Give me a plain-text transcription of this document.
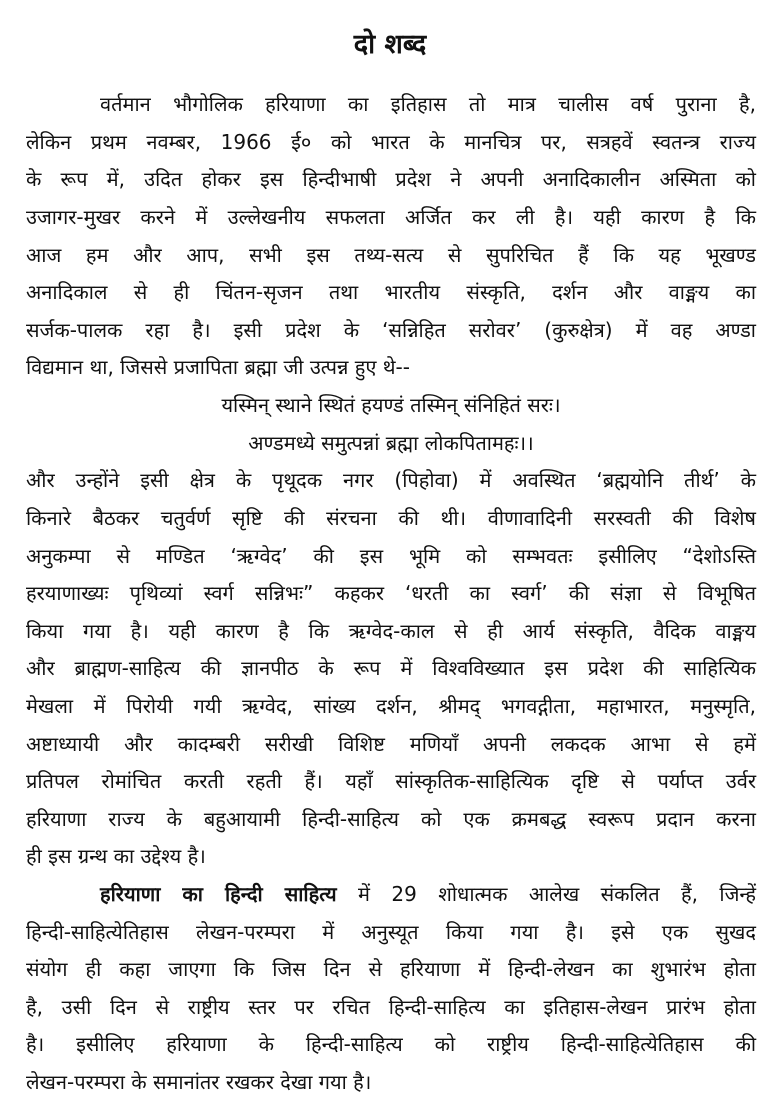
दो शब्द
वर्तमान भौगोलिक हरियाणा का इतिहास तो मात्र चालीस वर्ष पुराना है,
लेकिन प्रथम नवम्बर, 1966 ई० को भारत के मानचित्र पर, सत्रहवें स्वतन्त्र राज्य
के रूप में, उदित होकर इस हिन्दीभाषी प्रदेश ने अपनी अनादिकालीन अस्मिता को
उजागर-मुखर करने में उल्लेखनीय सफलता अर्जित कर ली है। यही कारण है कि
आज हम और आप, सभी इस तथ्य-सत्य से सुपरिचित हैं कि यह भूखण्ड
अनादिकाल से ही चिंतन-सृजन तथा भारतीय संस्कृति, दर्शन और वाङ्मय का
सर्जक-पालक रहा है। इसी प्रदेश के ‘सन्निहित सरोवर’ (कुरुक्षेत्र) में वह अण्डा
विद्यमान था, जिससे प्रजापिता ब्रह्मा जी उत्पन्न हुए थे--
यस्मिन् स्थाने स्थितं हयण्डं तस्मिन् संनिहितं सरः।
अण्डमध्ये समुत्पन्नां ब्रह्मा लोकपितामहः।।
और उन्होंने इसी क्षेत्र के पृथूदक नगर (पिहोवा) में अवस्थित ‘ब्रह्मयोनि तीर्थ’ के
किनारे बैठकर चतुर्वर्ण सृष्टि की संरचना की थी। वीणावादिनी सरस्वती की विशेष
अनुकम्पा से मण्डित ‘ऋग्वेद’ की इस भूमि को सम्भवतः इसीलिए “देशोऽस्ति
हरयाणाख्यः पृथिव्यां स्वर्ग सन्निभः” कहकर ‘धरती का स्वर्ग’ की संज्ञा से विभूषित
किया गया है। यही कारण है कि ऋग्वेद-काल से ही आर्य संस्कृति, वैदिक वाङ्मय
और ब्राह्मण-साहित्य की ज्ञानपीठ के रूप में विश्वविख्यात इस प्रदेश की साहित्यिक
मेखला में पिरोयी गयी ऋग्वेद, सांख्य दर्शन, श्रीमद् भगवद्गीता, महाभारत, मनुस्मृति,
अष्टाध्यायी और कादम्बरी सरीखी विशिष्ट मणियाँ अपनी लकदक आभा से हमें
प्रतिपल रोमांचित करती रहती हैं। यहाँ सांस्कृतिक-साहित्यिक दृष्टि से पर्याप्त उर्वर
हरियाणा राज्य के बहुआयामी हिन्दी-साहित्य को एक क्रमबद्ध स्वरूप प्रदान करना
ही इस ग्रन्थ का उद्देश्य है।
हरियाणा का हिन्दी साहित्य में 29 शोधात्मक आलेख संकलित हैं, जिन्हें
हिन्दी-साहित्येतिहास लेखन-परम्परा में अनुस्यूत किया गया है। इसे एक सुखद
संयोग ही कहा जाएगा कि जिस दिन से हरियाणा में हिन्दी-लेखन का शुभारंभ होता
है, उसी दिन से राष्ट्रीय स्तर पर रचित हिन्दी-साहित्य का इतिहास-लेखन प्रारंभ होता
है। इसीलिए हरियाणा के हिन्दी-साहित्य को राष्ट्रीय हिन्दी-साहित्येतिहास की
लेखन-परम्परा के समानांतर रखकर देखा गया है।
